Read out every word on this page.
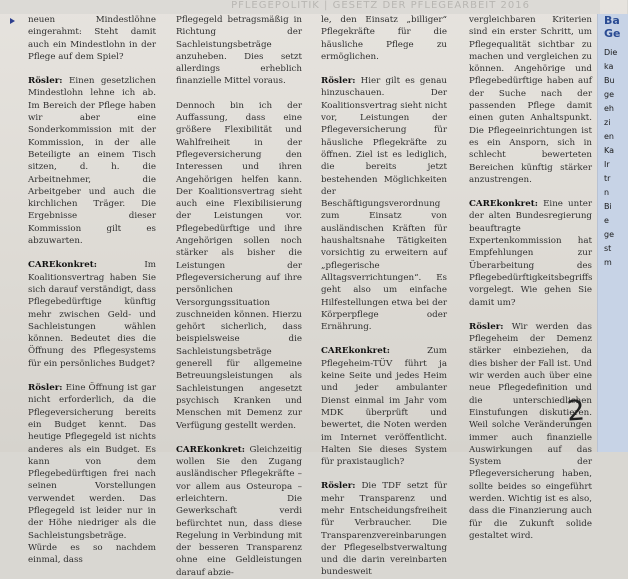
PFLEGEPOLITIK | GESETZ DER PFLEGEARBEIT 2016

neuen Mindestlöhne eingerahmt: Steht damit auch ein Mindestlohn in der Pflege auf dem Spiel?

Rösler: Einen gesetzlichen Mindestlohn lehne ich ab. Im Bereich der Pflege haben wir aber eine Sonderkommission mit der Kommission, in der alle Beteiligte an einem Tisch sitzen, d. h. die Arbeitnehmer, die Arbeitgeber und auch die kirchlichen Träger. Die Ergebnisse dieser Kommission gilt es abzuwarten.

CAREkonkret: Im Koalitionsvertrag haben Sie sich darauf verständigt, dass Pflegebedürftige künftig mehr zwischen Geld- und Sachleistungen wählen können. Bedeutet dies die Öffnung des Pflegesystems für ein persönliches Budget?

Rösler: Eine Öffnung ist gar nicht erforderlich, da die Pflegeversicherung bereits ein Budget kennt. Das heutige Pflegegeld ist nichts anderes als ein Budget. Es kann von dem Pflegebedürftigen frei nach seinen Vorstellungen verwendet werden. Das Pflegegeld ist leider nur in der Höhe niedriger als die Sachleistungsbeträge. Würde es so nachdem einmal, dass

Pflegegeld betragsmäßig in Richtung der Sachleistungsbeträge anzuheben. Dies setzt allerdings erheblich finanzielle Mittel voraus.

Dennoch bin ich der Auffassung, dass eine größere Flexibilität und Wahlfreiheit in der Pflegeversicherung den Interessen und ihren Angehörigen helfen kann. Der Koalitionsvertrag sieht auch eine Flexibilisierung der Leistungen vor. Pflegebedürftige und ihre Angehörigen sollen noch stärker als bisher die Leistungen der Pflegeversicherung auf ihre persönlichen Versorgungssituation zuschneiden können. Hierzu gehört sicherlich, dass beispielsweise die Sachleistungsbeträge generell für allgemeine Betreuungsleistungen als Sachleistungen angesetzt psychisch Kranken und Menschen mit Demenz zur Verfügung gestellt werden.

CAREkonkret: Gleichzeitig wollen Sie den Zugang ausländischer Pflegekräfte – vor allem aus Osteuropa – erleichtern. Die Gewerkschaft verdi befürchtet nun, dass diese Regelung in Verbindung mit der besseren Transparenz ohne eine Geldleistungen darauf abzie-

le, den Einsatz „billiger“ Pflegekräfte für die häusliche Pflege zu ermöglichen.

Rösler: Hier gilt es genau hinzuschauen. Der Koalitionsvertrag sieht nicht vor, Leistungen der Pflegeversicherung für häusliche Pflegekräfte zu öffnen. Ziel ist es lediglich, die bereits jetzt bestehenden Möglichkeiten der Beschäftigungsverordnung zum Einsatz von ausländischen Kräften für haushaltsnahe Tätigkeiten vorsichtig zu erweitern auf „pflegerische Alltagsverrichtungen“. Es geht also um einfache Hilfestellungen etwa bei der Körperpflege oder Ernährung.

CAREkonkret: Zum Pflegeheim-TÜV führt ja keine Seite und jedes Heim und jeder ambulanter Dienst einmal im Jahr vom MDK überprüft und bewertet, die Noten werden im Internet veröffentlicht. Halten Sie dieses System für praxistauglich?

Rösler: Die TDF setzt für mehr Transparenz und mehr Entscheidungsfreiheit für Verbraucher. Die Transparenzvereinbarungen der Pflegeselbstverwaltung und die darin vereinbarten bundesweit

vergleichbaren Kriterien sind ein erster Schritt, um Pflegequalität sichtbar zu machen und vergleichen zu können. Angehörige und Pflegebedürftige haben auf der Suche nach der passenden Pflege damit einen guten Anhaltspunkt. Die Pflegeeinrichtungen ist es ein Ansporn, sich in schlecht bewerteten Bereichen künftig stärker anzustrengen.

CAREkonkret: Eine unter der alten Bundesregierung beauftragte Expertenkommission hat Empfehlungen zur Überarbeitung des Pflegebedürftigkeitsbegriffs vorgelegt. Wie gehen Sie damit um?

Rösler: Wir werden das Pflegeheim der Demenz stärker einbeziehen, da dies bisher der Fall ist. Und wir werden auch über eine neue Pflegedefinition und die unterschiedlichen Einstufungen diskutieren. Weil solche Veränderungen immer auch finanzielle Auswirkungen auf das System der Pflegeversicherung haben, sollte beides so eingeführt werden. Wichtig ist es also, dass die Finanzierung auch für die Zukunft solide gestaltet wird.

Ba
Ge
Die
ka
Bu
ge
eh
zi
en
Ka
Ir
tr
n
Bi
e
ge
st
m
2
